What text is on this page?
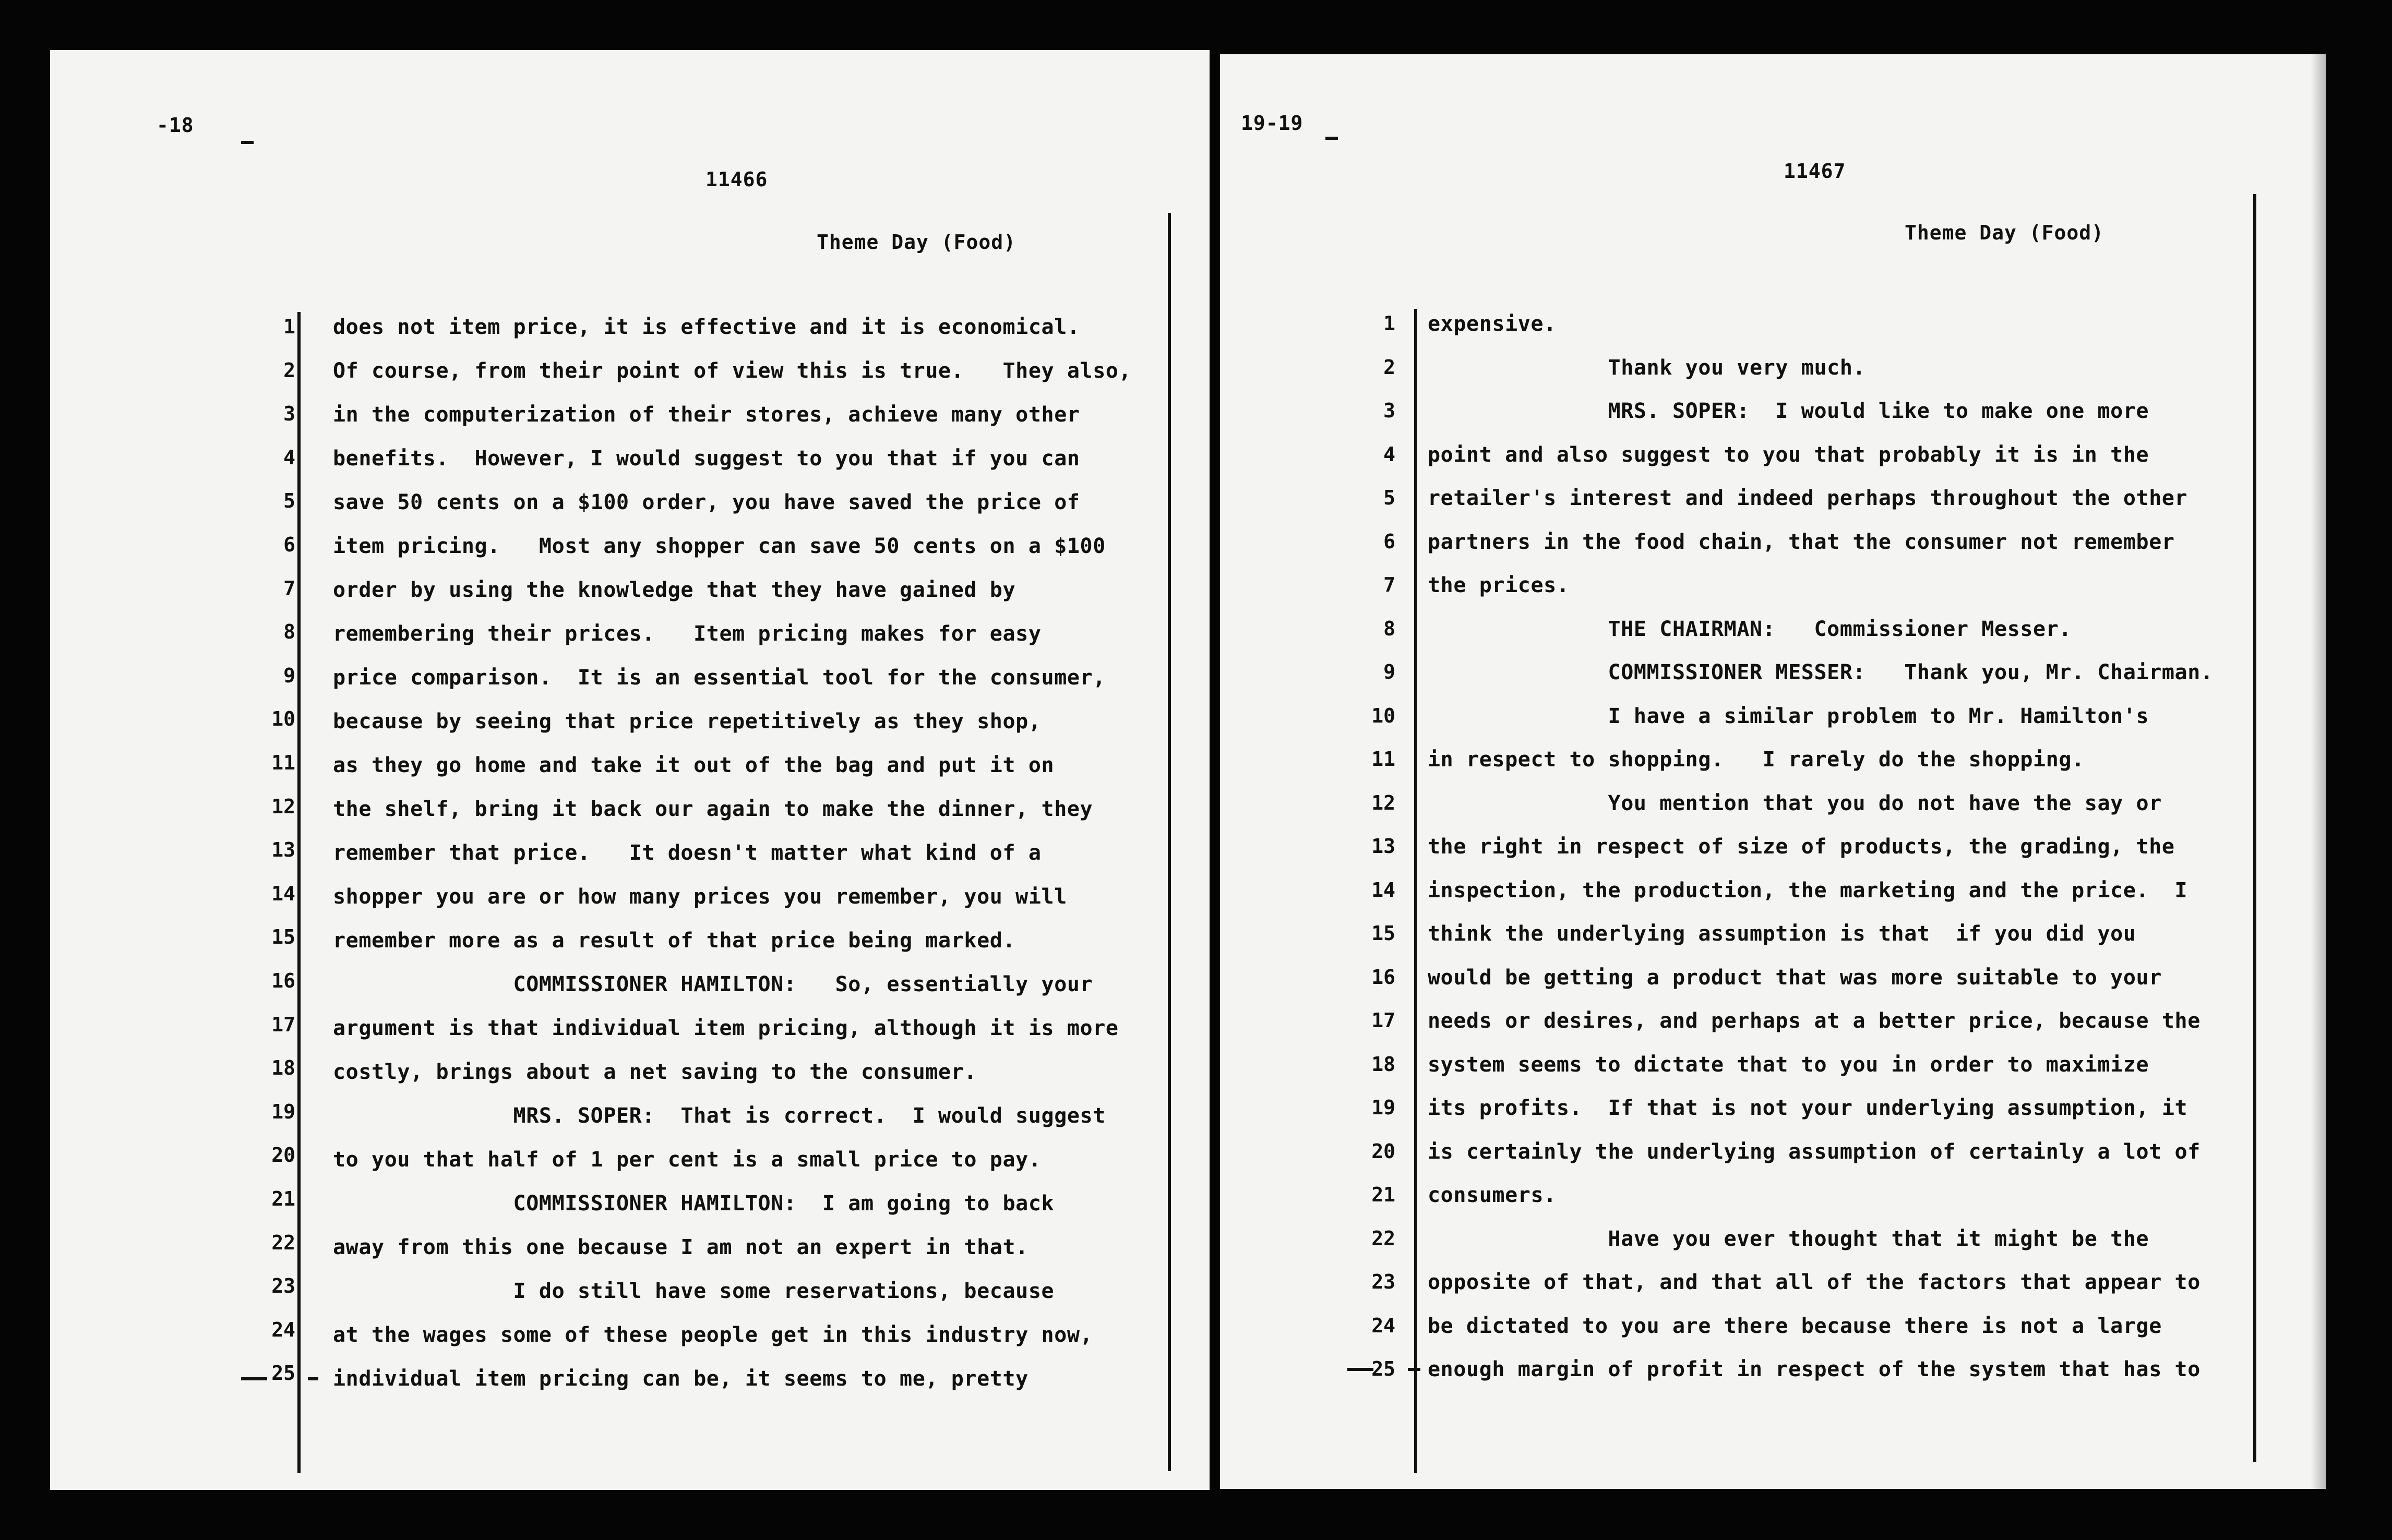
-18
11466
Theme Day (Food)
1 does not item price, it is effective and it is economical.
2 Of course, from their point of view this is true.   They also,
3 in the computerization of their stores, achieve many other
4 benefits.  However, I would suggest to you that if you can
5 save 50 cents on a $100 order, you have saved the price of
6 item pricing.   Most any shopper can save 50 cents on a $100
7 order by using the knowledge that they have gained by
8 remembering their prices.   Item pricing makes for easy
9 price comparison.  It is an essential tool for the consumer,
10 because by seeing that price repetitively as they shop,
11 as they go home and take it out of the bag and put it on
12 the shelf, bring it back our again to make the dinner, they
13 remember that price.   It doesn't matter what kind of a
14 shopper you are or how many prices you remember, you will
15 remember more as a result of that price being marked.
16 COMMISSIONER HAMILTON:   So, essentially your
17 argument is that individual item pricing, although it is more
18 costly, brings about a net saving to the consumer.
19 MRS. SOPER:  That is correct.  I would suggest
20 to you that half of 1 per cent is a small price to pay.
21 COMMISSIONER HAMILTON:  I am going to back
22 away from this one because I am not an expert in that.
23 I do still have some reservations, because
24 at the wages some of these people get in this industry now,
25 individual item pricing can be, it seems to me, pretty
19-19
11467
Theme Day (Food)
1 expensive.
2 Thank you very much.
3 MRS. SOPER:  I would like to make one more
4 point and also suggest to you that probably it is in the
5 retailer's interest and indeed perhaps throughout the other
6 partners in the food chain, that the consumer not remember
7 the prices.
8 THE CHAIRMAN:   Commissioner Messer.
9 COMMISSIONER MESSER:   Thank you, Mr. Chairman.
10 I have a similar problem to Mr. Hamilton's
11 in respect to shopping.   I rarely do the shopping.
12 You mention that you do not have the say or
13 the right in respect of size of products, the grading, the
14 inspection, the production, the marketing and the price.  I
15 think the underlying assumption is that  if you did you
16 would be getting a product that was more suitable to your
17 needs or desires, and perhaps at a better price, because the
18 system seems to dictate that to you in order to maximize
19 its profits.  If that is not your underlying assumption, it
20 is certainly the underlying assumption of certainly a lot of
21 consumers.
22 Have you ever thought that it might be the
23 opposite of that, and that all of the factors that appear to
24 be dictated to you are there because there is not a large
25 enough margin of profit in respect of the system that has to
